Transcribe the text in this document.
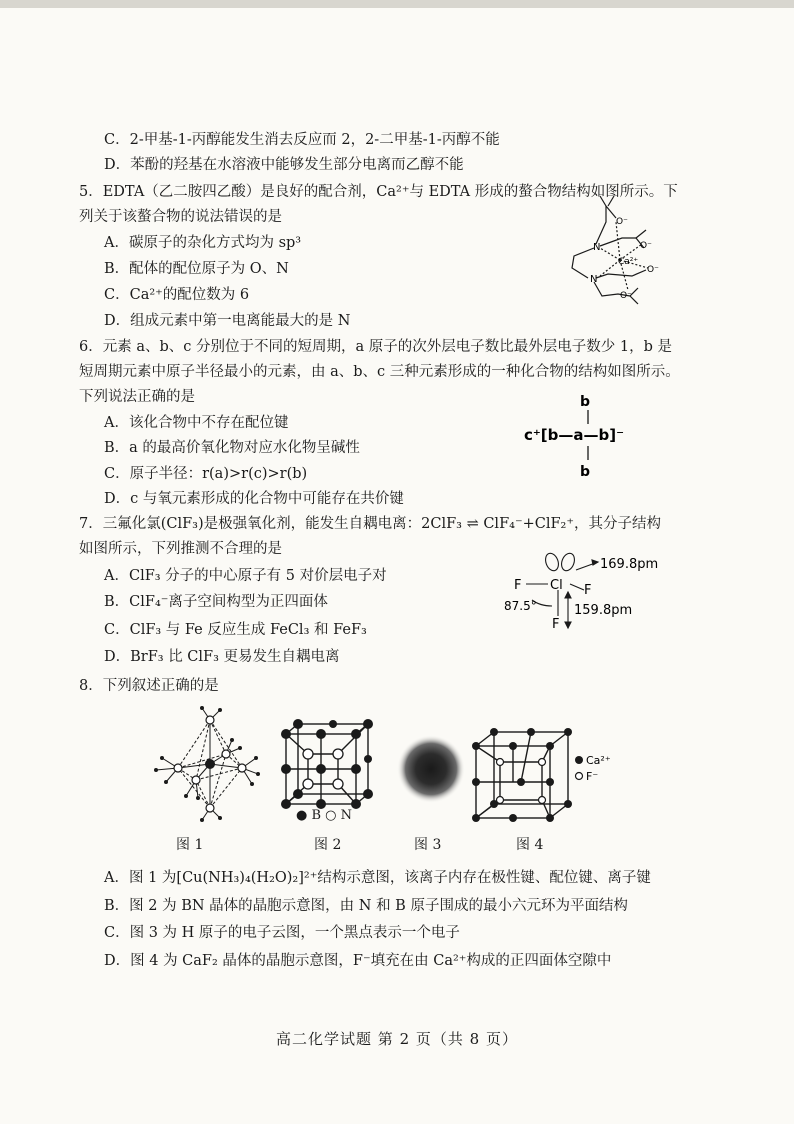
C．2-甲基-1-丙醇能发生消去反应而 2，2-二甲基-1-丙醇不能
D．苯酚的羟基在水溶液中能够发生部分电离而乙醇不能
5．EDTA（乙二胺四乙酸）是良好的配合剂，Ca²⁺与 EDTA 形成的螯合物结构如图所示。下
列关于该螯合物的说法错误的是
A．碳原子的杂化方式均为 sp³
B．配体的配位原子为 O、N
C．Ca²⁺的配位数为 6
D．组成元素中第一电离能最大的是 N
N
N
Ca²⁺
O⁻
O⁻
O⁻
O⁻
6．元素 a、b、c 分别位于不同的短周期，a 原子的次外层电子数比最外层电子数少 1，b 是
短周期元素中原子半径最小的元素，由 a、b、c 三种元素形成的一种化合物的结构如图所示。
下列说法正确的是
A．该化合物中不存在配位键
B．a 的最高价氧化物对应水化物呈碱性
C．原子半径：r(a)>r(c)>r(b)
D．c 与氧元素形成的化合物中可能存在共价键
b
c⁺[b—a—b]⁻
b
7．三氟化氯(ClF₃)是极强氧化剂，能发生自耦电离：2ClF₃ ⇌ ClF₄⁻+ClF₂⁺，其分子结构
如图所示，下列推测不合理的是
A．ClF₃ 分子的中心原子有 5 对价层电子对
B．ClF₄⁻离子空间构型为正四面体
C．ClF₃ 与 Fe 反应生成 FeCl₃ 和 FeF₃
D．BrF₃ 比 ClF₃ 更易发生自耦电离
Cl
F	F
F
169.8pm
159.8pm
87.5°
8．下列叙述正确的是
● B ○ N
Ca²⁺
F⁻
图 1	图 2	图 3	图 4
A．图 1 为[Cu(NH₃)₄(H₂O)₂]²⁺结构示意图，该离子内存在极性键、配位键、离子键
B．图 2 为 BN 晶体的晶胞示意图，由 N 和 B 原子围成的最小六元环为平面结构
C．图 3 为 H 原子的电子云图，一个黑点表示一个电子
D．图 4 为 CaF₂ 晶体的晶胞示意图，F⁻填充在由 Ca²⁺构成的正四面体空隙中
高二化学试题 第 2 页（共 8 页）
